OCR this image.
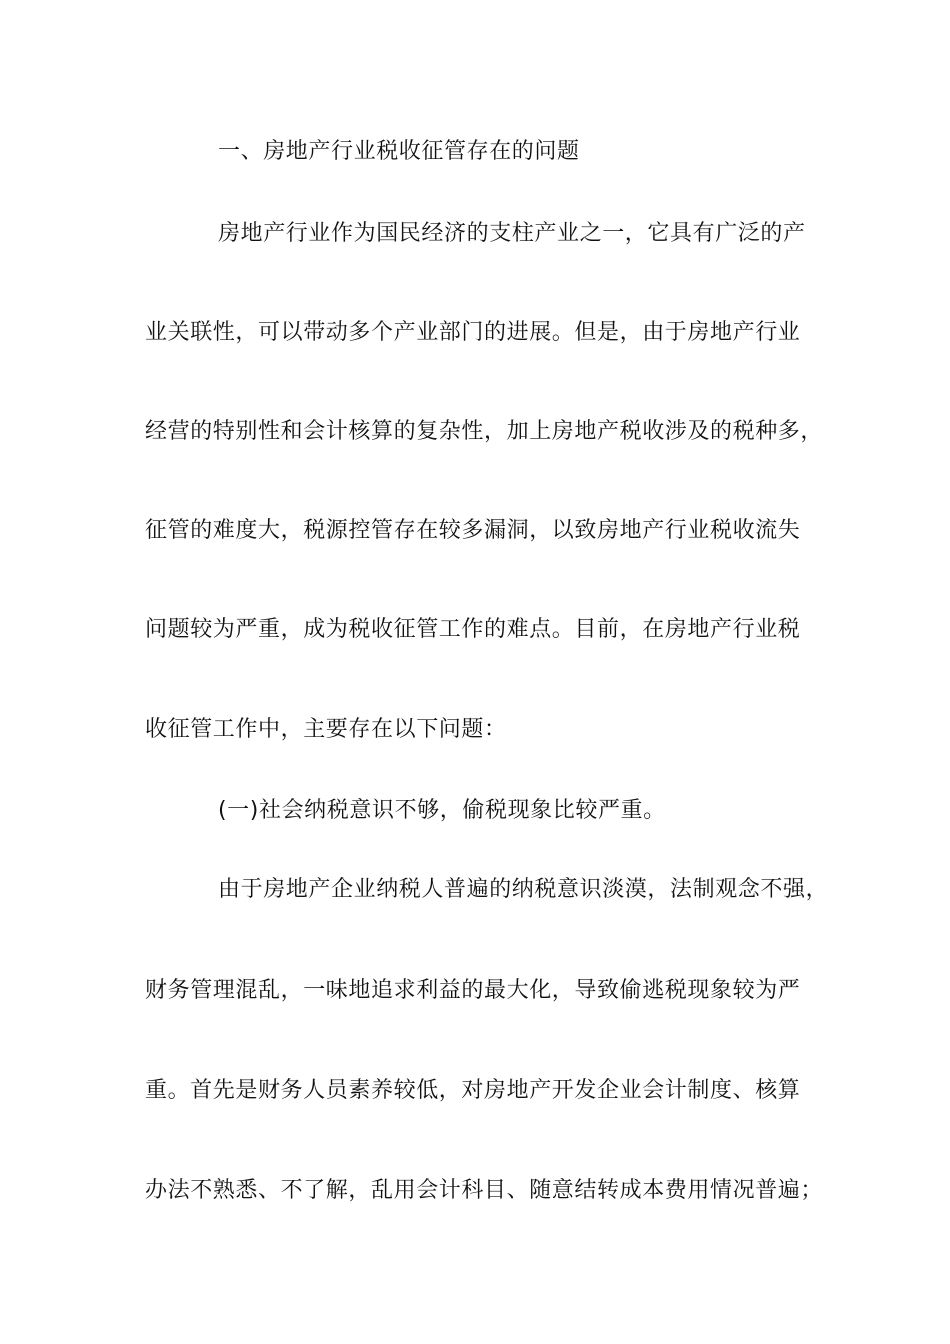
一、房地产行业税收征管存在的问题
房地产行业作为国民经济的支柱产业之一，它具有广泛的产
业关联性，可以带动多个产业部门的进展。但是，由于房地产行业
经营的特别性和会计核算的复杂性，加上房地产税收涉及的税种多，
征管的难度大，税源控管存在较多漏洞，以致房地产行业税收流失
问题较为严重，成为税收征管工作的难点。目前，在房地产行业税
收征管工作中，主要存在以下问题：
(一)社会纳税意识不够，偷税现象比较严重。
由于房地产企业纳税人普遍的纳税意识淡漠，法制观念不强，
财务管理混乱，一味地追求利益的最大化，导致偷逃税现象较为严
重。首先是财务人员素养较低，对房地产开发企业会计制度、核算
办法不熟悉、不了解，乱用会计科目、随意结转成本费用情况普遍；
